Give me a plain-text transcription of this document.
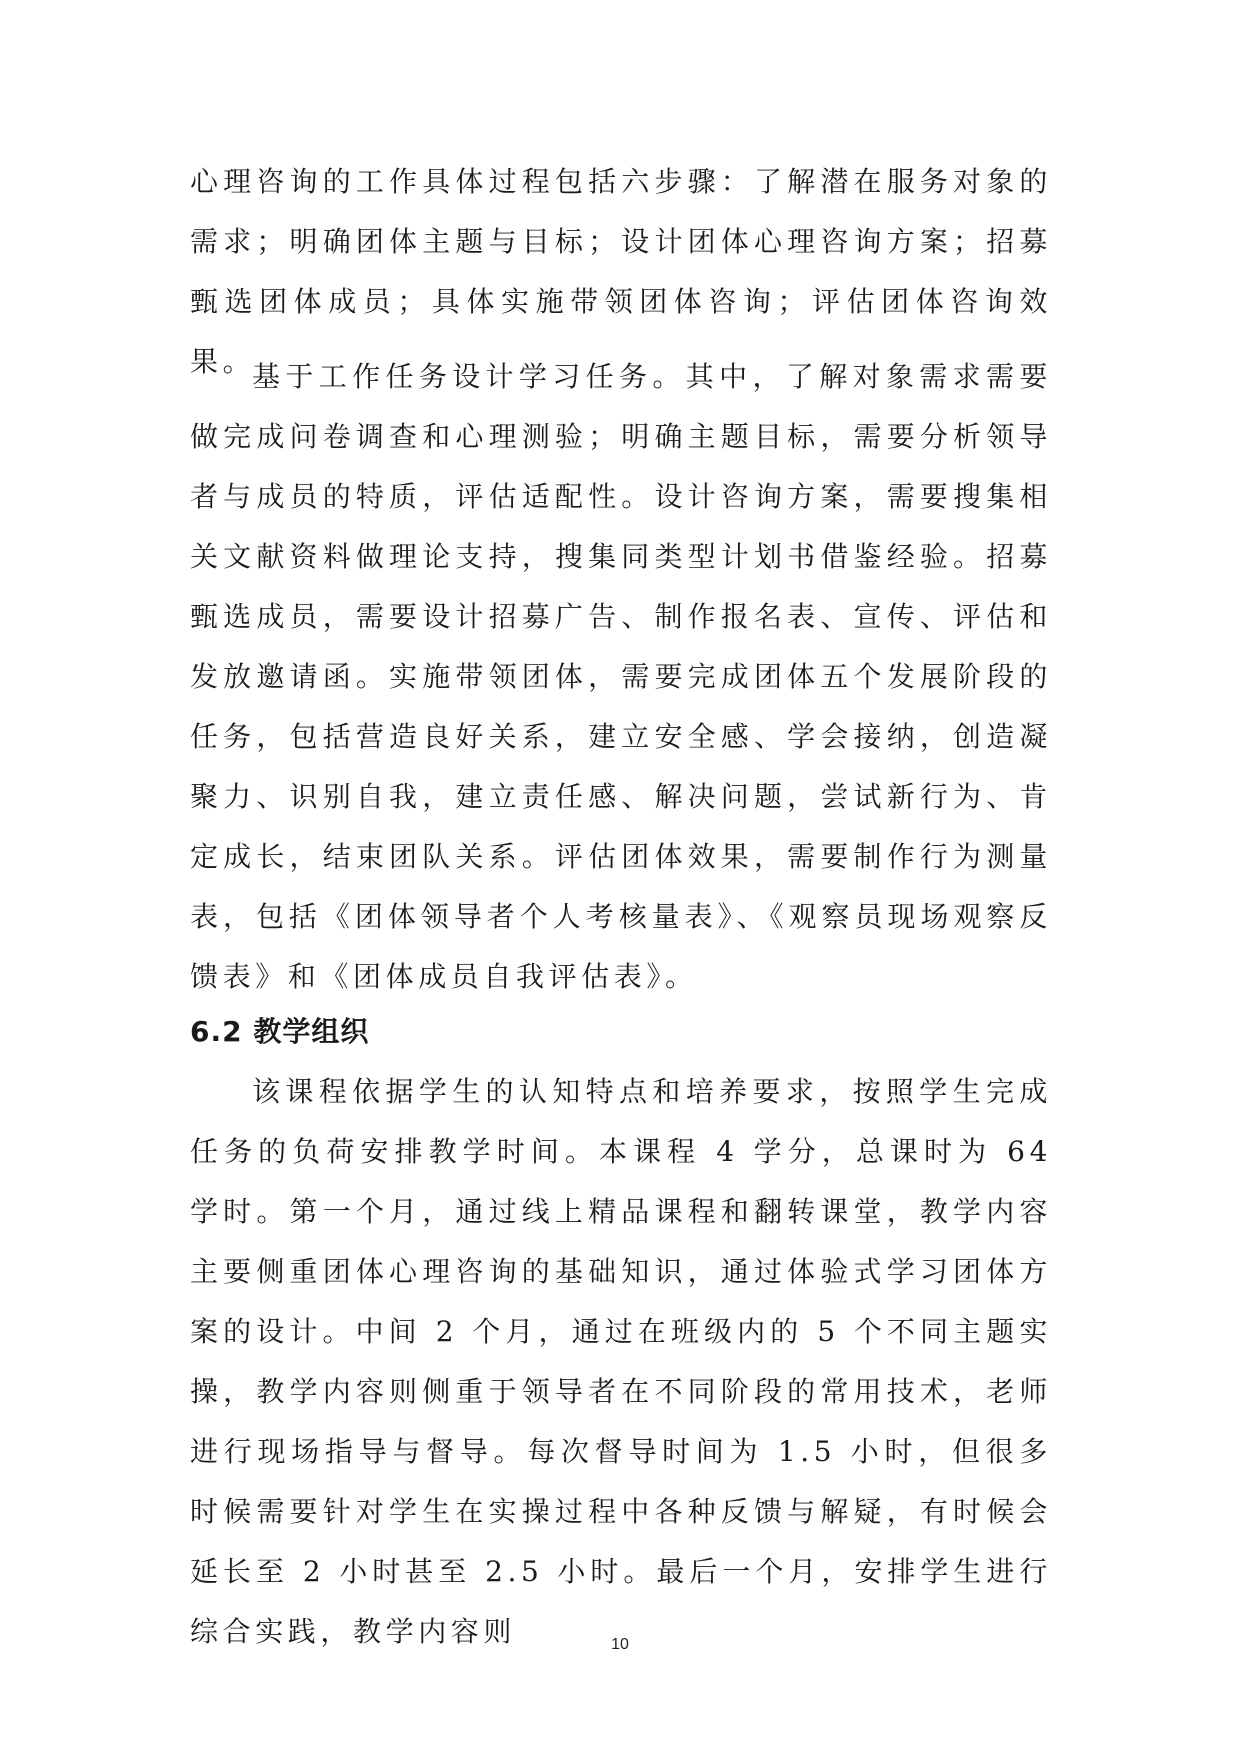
心理咨询的工作具体过程包括六步骤：了解潜在服务对象的需求；明确团体主题与目标；设计团体心理咨询方案；招募甄选团体成员；具体实施带领团体咨询；评估团体咨询效果。

基于工作任务设计学习任务。其中，了解对象需求需要做完成问卷调查和心理测验；明确主题目标，需要分析领导者与成员的特质，评估适配性。设计咨询方案，需要搜集相关文献资料做理论支持，搜集同类型计划书借鉴经验。招募甄选成员，需要设计招募广告、制作报名表、宣传、评估和发放邀请函。实施带领团体，需要完成团体五个发展阶段的任务，包括营造良好关系，建立安全感、学会接纳，创造凝聚力、识别自我，建立责任感、解决问题，尝试新行为、肯定成长，结束团队关系。评估团体效果，需要制作行为测量表，包括《团体领导者个人考核量表》、《观察员现场观察反馈表》和《团体成员自我评估表》。

6.2 教学组织

该课程依据学生的认知特点和培养要求，按照学生完成任务的负荷安排教学时间。本课程 4 学分，总课时为 64 学时。第一个月，通过线上精品课程和翻转课堂，教学内容主要侧重团体心理咨询的基础知识，通过体验式学习团体方案的设计。中间 2 个月，通过在班级内的 5 个不同主题实操，教学内容则侧重于领导者在不同阶段的常用技术，老师进行现场指导与督导。每次督导时间为 1.5 小时，但很多时候需要针对学生在实操过程中各种反馈与解疑，有时候会延长至 2 小时甚至 2.5 小时。最后一个月，安排学生进行综合实践，教学内容则	10
